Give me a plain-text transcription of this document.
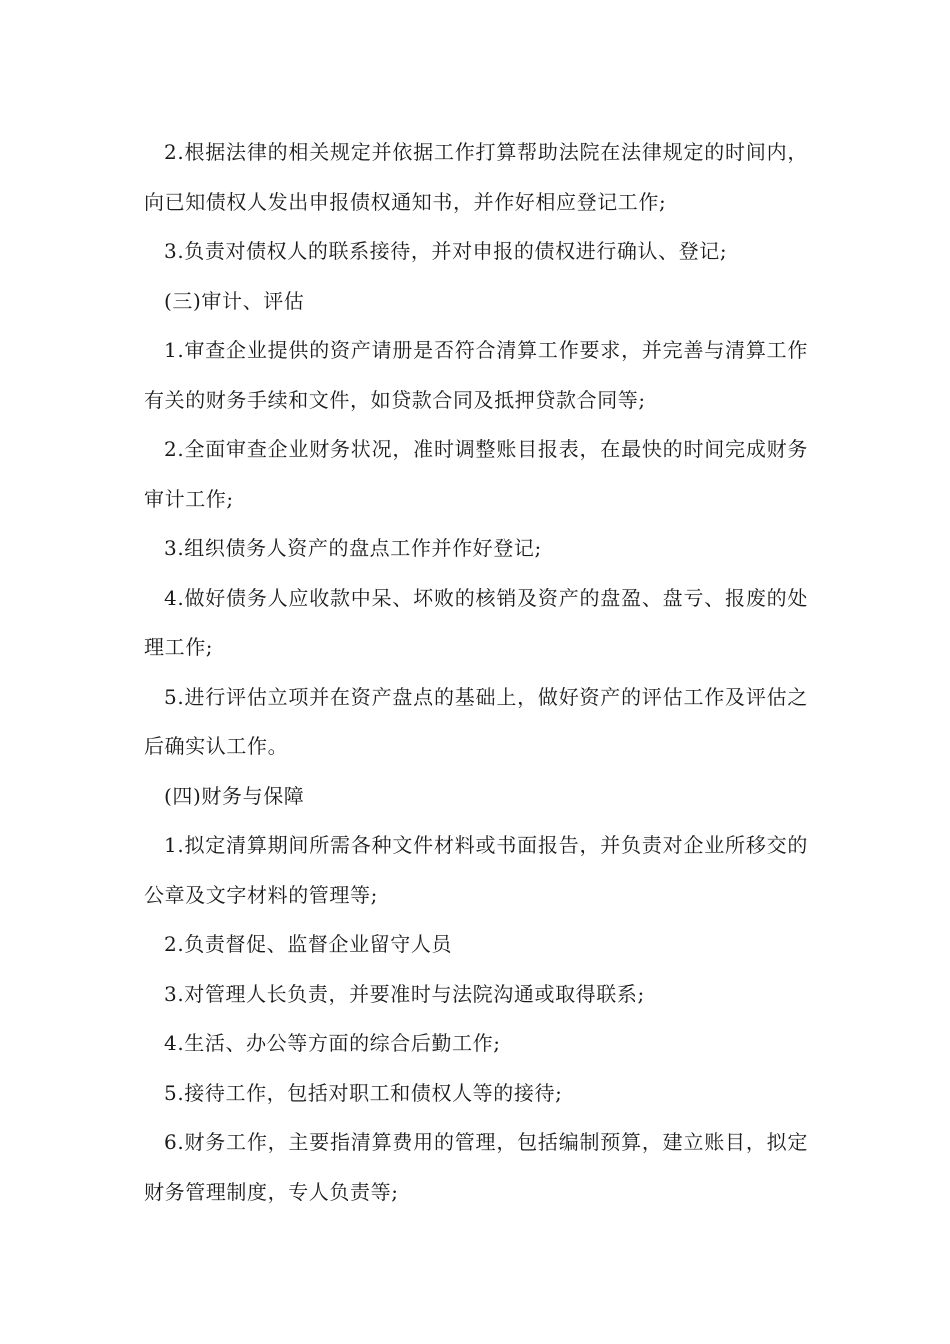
2.根据法律的相关规定并依据工作打算帮助法院在法律规定的时间内，向已知债权人发出申报债权通知书，并作好相应登记工作;

3.负责对债权人的联系接待，并对申报的债权进行确认、登记;

(三)审计、评估

1.审查企业提供的资产请册是否符合清算工作要求，并完善与清算工作有关的财务手续和文件，如贷款合同及抵押贷款合同等;

2.全面审查企业财务状况，准时调整账目报表，在最快的时间完成财务审计工作;

3.组织债务人资产的盘点工作并作好登记;

4.做好债务人应收款中呆、坏败的核销及资产的盘盈、盘亏、报废的处理工作;

5.进行评估立项并在资产盘点的基础上，做好资产的评估工作及评估之后确实认工作。

(四)财务与保障

1.拟定清算期间所需各种文件材料或书面报告，并负责对企业所移交的公章及文字材料的管理等;

2.负责督促、监督企业留守人员

3.对管理人长负责，并要准时与法院沟通或取得联系;

4.生活、办公等方面的综合后勤工作;

5.接待工作，包括对职工和债权人等的接待;

6.财务工作，主要指清算费用的管理，包括编制预算，建立账目，拟定财务管理制度，专人负责等;
